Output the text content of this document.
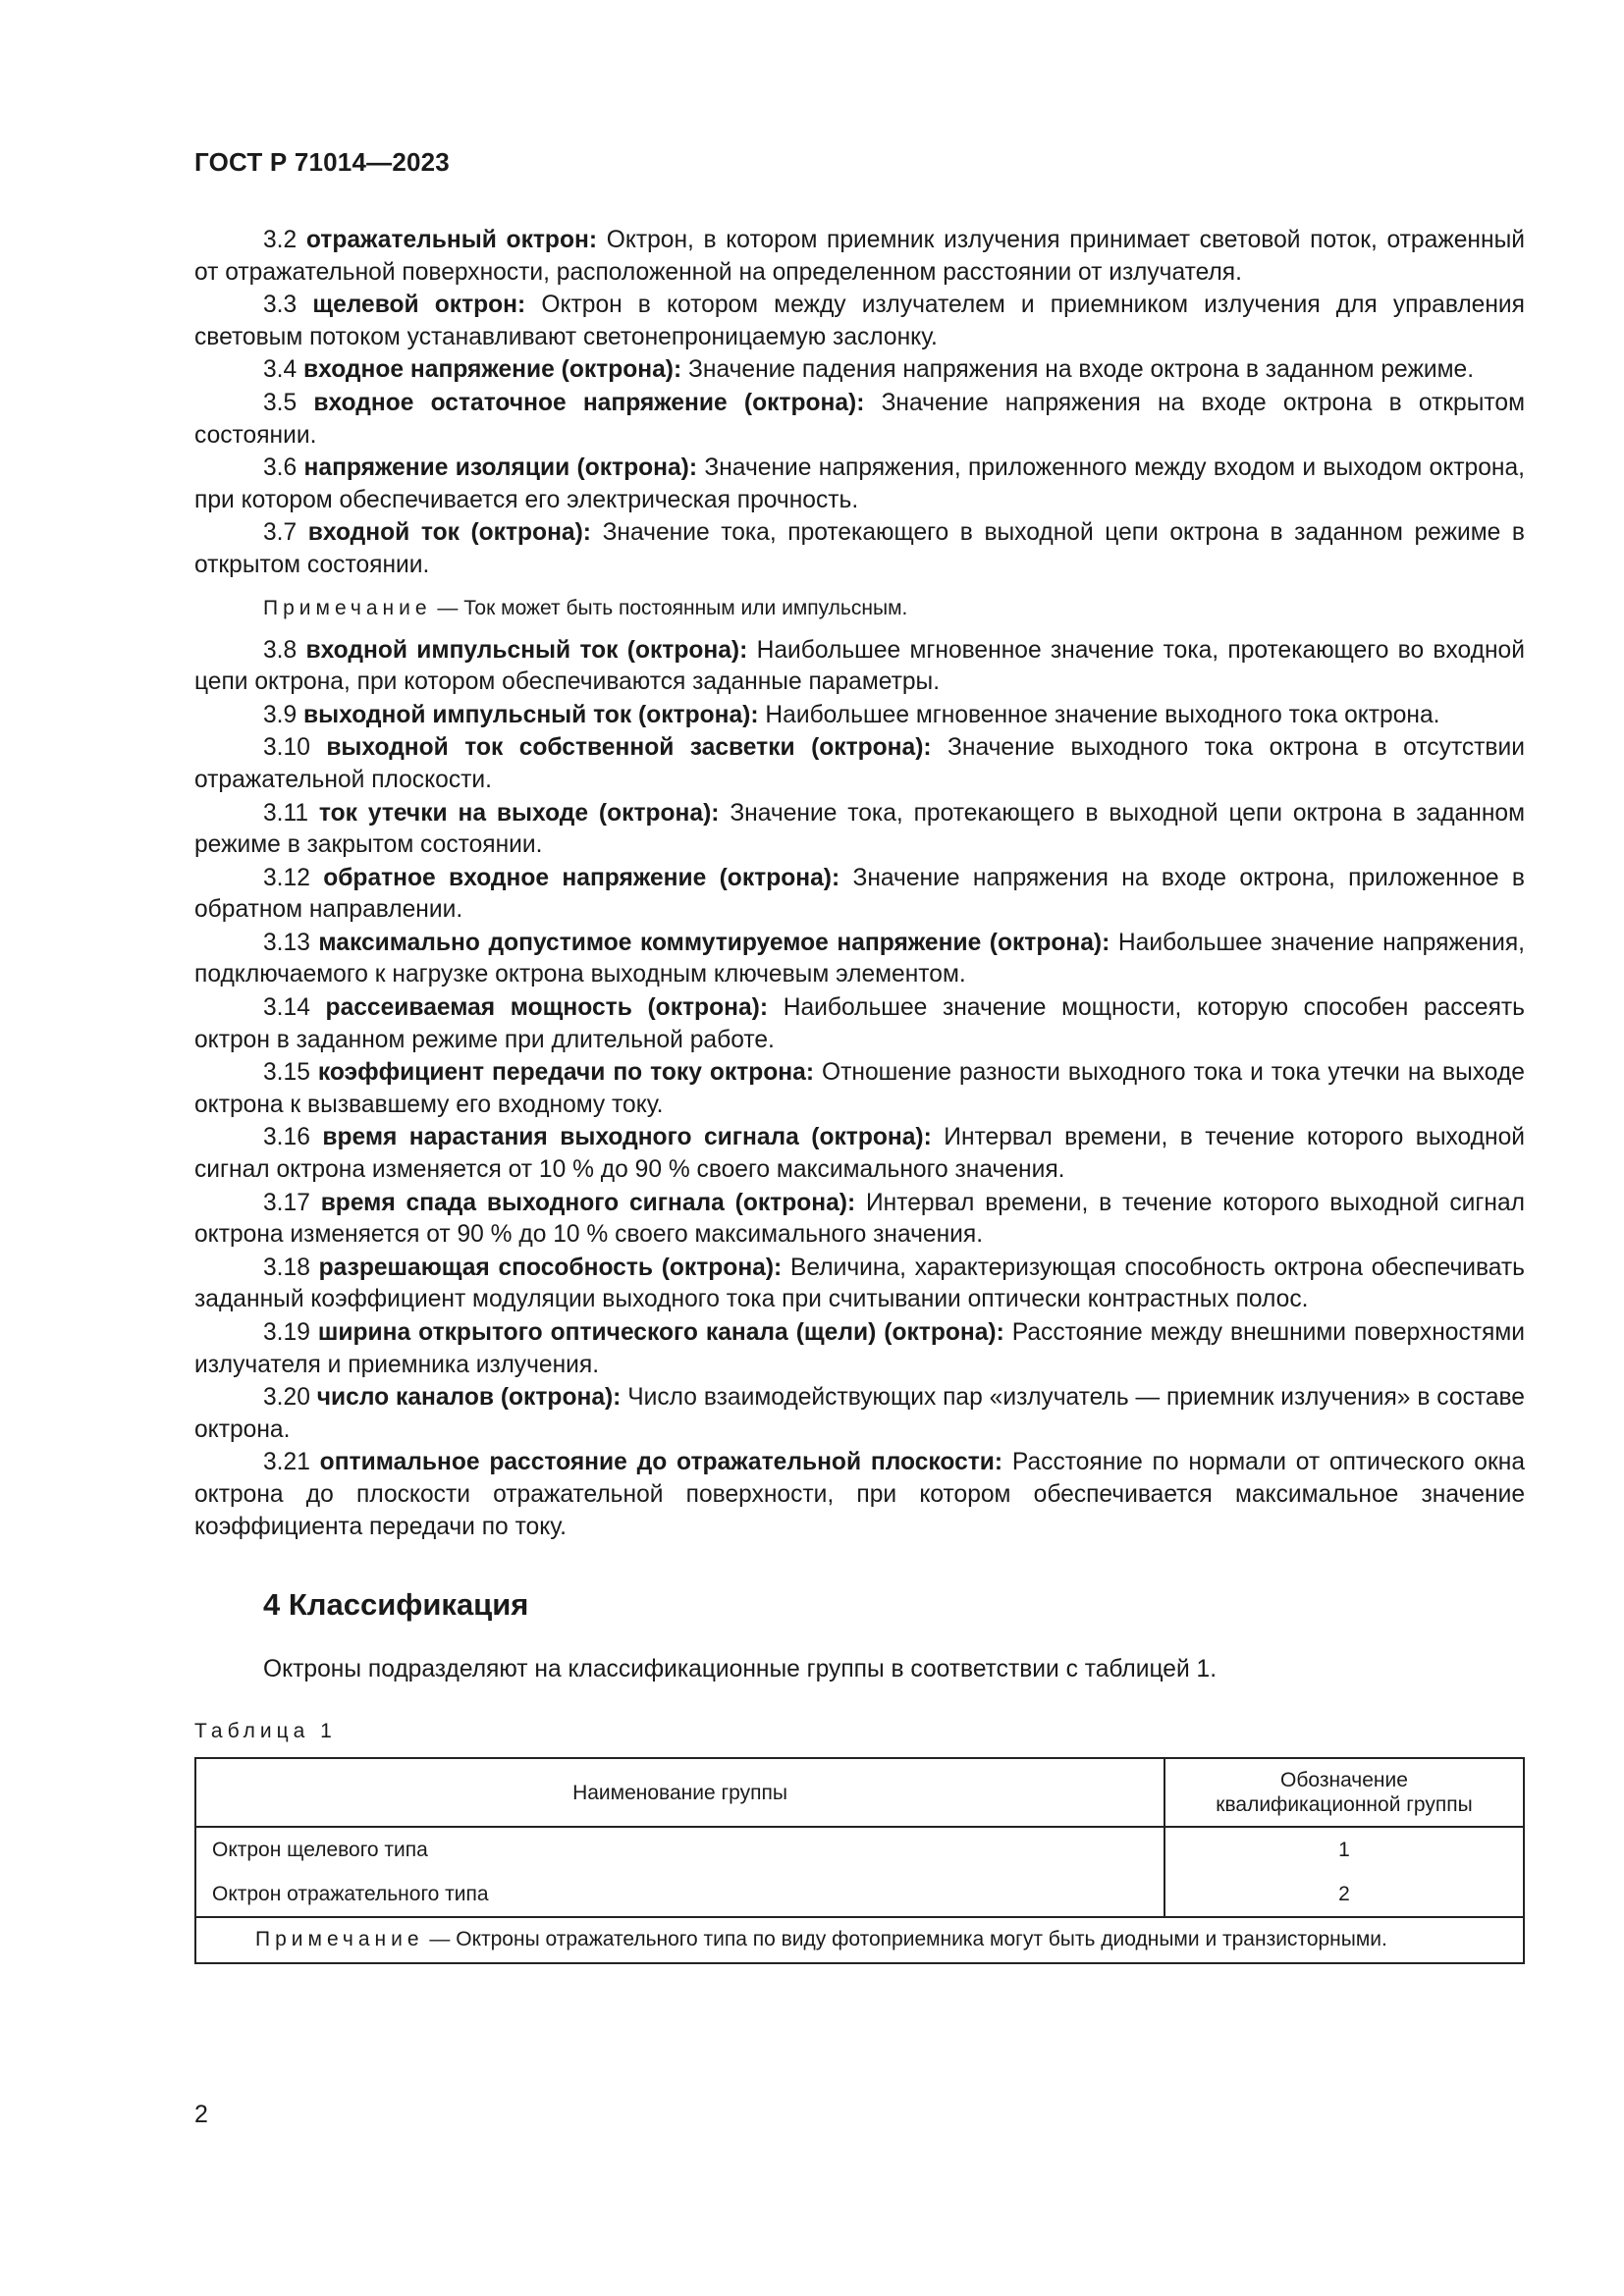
ГОСТ Р 71014—2023

3.2 отражательный октрон: Октрон, в котором приемник излучения принимает световой поток, отраженный от отражательной поверхности, расположенной на определенном расстоянии от излучателя.

3.3 щелевой октрон: Октрон в котором между излучателем и приемником излучения для управления световым потоком устанавливают светонепроницаемую заслонку.

3.4 входное напряжение (октрона): Значение падения напряжения на входе октрона в заданном режиме.

3.5 входное остаточное напряжение (октрона): Значение напряжения на входе октрона в открытом состоянии.

3.6 напряжение изоляции (октрона): Значение напряжения, приложенного между входом и выходом октрона, при котором обеспечивается его электрическая прочность.

3.7 входной ток (октрона): Значение тока, протекающего в выходной цепи октрона в заданном режиме в открытом состоянии.

Примечание — Ток может быть постоянным или импульсным.

3.8 входной импульсный ток (октрона): Наибольшее мгновенное значение тока, протекающего во входной цепи октрона, при котором обеспечиваются заданные параметры.

3.9 выходной импульсный ток (октрона): Наибольшее мгновенное значение выходного тока октрона.

3.10 выходной ток собственной засветки (октрона): Значение выходного тока октрона в отсутствии отражательной плоскости.

3.11 ток утечки на выходе (октрона): Значение тока, протекающего в выходной цепи октрона в заданном режиме в закрытом состоянии.

3.12 обратное входное напряжение (октрона): Значение напряжения на входе октрона, приложенное в обратном направлении.

3.13 максимально допустимое коммутируемое напряжение (октрона): Наибольшее значение напряжения, подключаемого к нагрузке октрона выходным ключевым элементом.

3.14 рассеиваемая мощность (октрона): Наибольшее значение мощности, которую способен рассеять октрон в заданном режиме при длительной работе.

3.15 коэффициент передачи по току октрона: Отношение разности выходного тока и тока утечки на выходе октрона к вызвавшему его входному току.

3.16 время нарастания выходного сигнала (октрона): Интервал времени, в течение которого выходной сигнал октрона изменяется от 10 % до 90 % своего максимального значения.

3.17 время спада выходного сигнала (октрона): Интервал времени, в течение которого выходной сигнал октрона изменяется от 90 % до 10 % своего максимального значения.

3.18 разрешающая способность (октрона): Величина, характеризующая способность октрона обеспечивать заданный коэффициент модуляции выходного тока при считывании оптически контрастных полос.

3.19 ширина открытого оптического канала (щели) (октрона): Расстояние между внешними поверхностями излучателя и приемника излучения.

3.20 число каналов (октрона): Число взаимодействующих пар «излучатель — приемник излучения» в составе октрона.

3.21 оптимальное расстояние до отражательной плоскости: Расстояние по нормали от оптического окна октрона до плоскости отражательной поверхности, при котором обеспечивается максимальное значение коэффициента передачи по току.

4 Классификация

Октроны подразделяют на классификационные группы в соответствии с таблицей 1.

Таблица 1
Наименование группы	Обозначение
квалификационной группы

Октрон щелевого типа	1
Октрон отражательного типа	2
Примечание — Октроны отражательного типа по виду фотоприемника могут быть диодными и транзисторными.	
2
